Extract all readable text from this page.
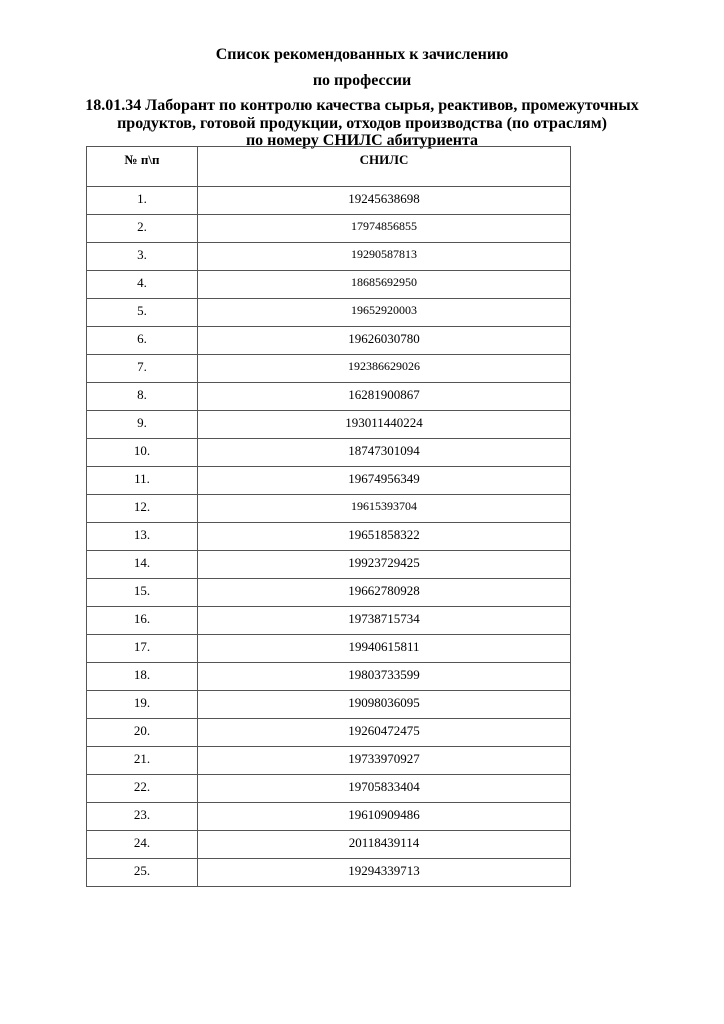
Список рекомендованных к зачислению
по профессии
18.01.34 Лаборант по контролю качества сырья, реактивов, промежуточных
продуктов, готовой продукции, отходов производства (по отраслям)
по номеру СНИЛС абитуриента
№ п\п	СНИЛС
1.	19245638698
2.	17974856855
3.	19290587813
4.	18685692950
5.	19652920003
6.	19626030780
7.	192386629026
8.	16281900867
9.	193011440224
10.	18747301094
11.	19674956349
12.	19615393704
13.	19651858322
14.	19923729425
15.	19662780928
16.	19738715734
17.	19940615811
18.	19803733599
19.	19098036095
20.	19260472475
21.	19733970927
22.	19705833404
23.	19610909486
24.	20118439114
25.	19294339713
